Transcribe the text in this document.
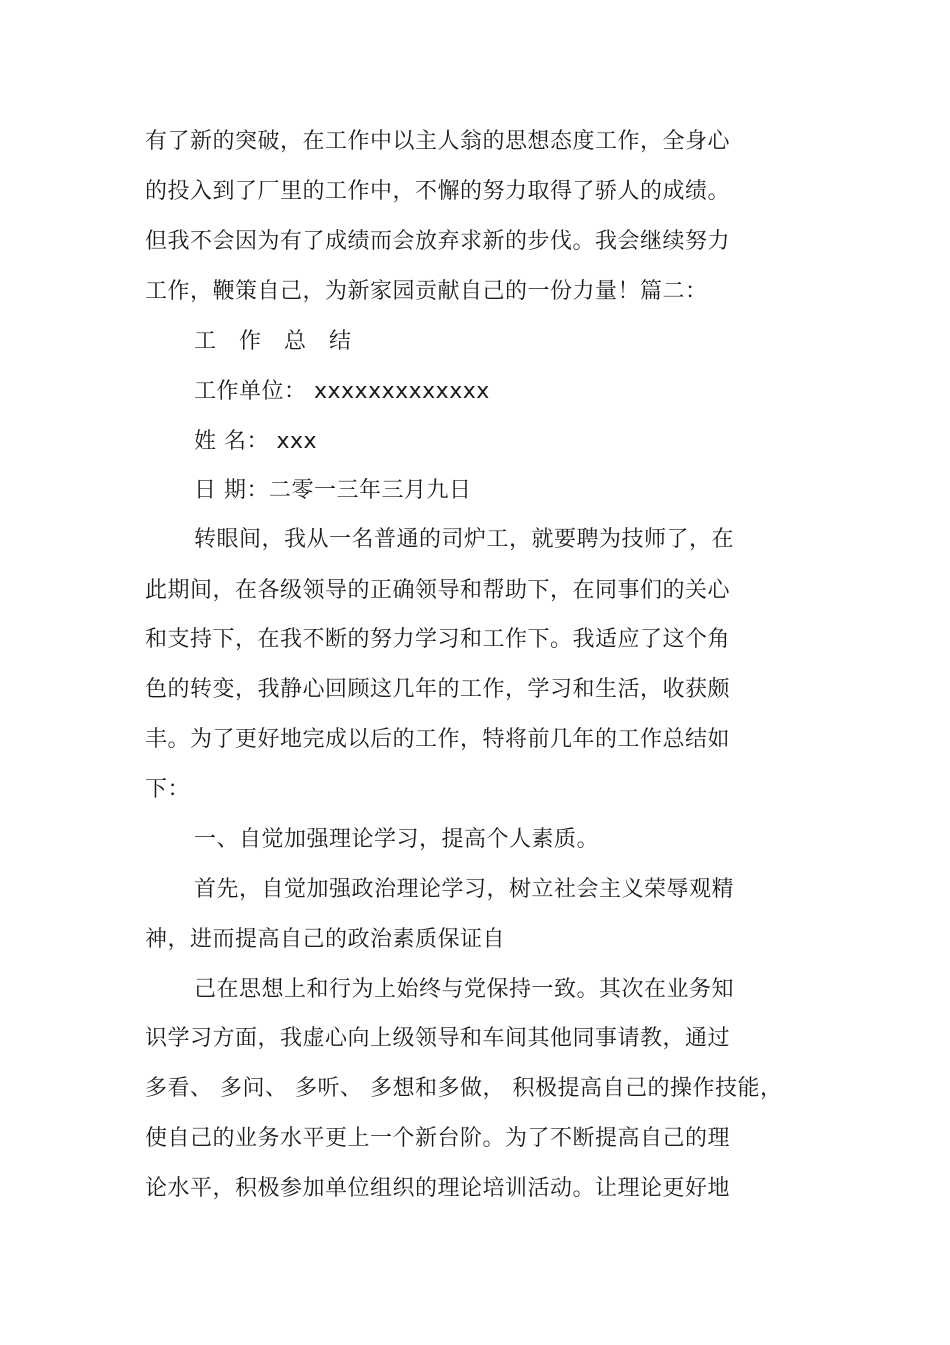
有了新的突破，在工作中以主人翁的思想态度工作，全身心
的投入到了厂里的工作中，不懈的努力取得了骄人的成绩。
但我不会因为有了成绩而会放弃求新的步伐。我会继续努力
工作，鞭策自己，为新家园贡献自己的一份力量！篇二：
工作总结
工作单位： xxxxxxxxxxxxx
姓 名： xxx
日 期：二零一三年三月九日
转眼间，我从一名普通的司炉工，就要聘为技师了，在
此期间，在各级领导的正确领导和帮助下，在同事们的关心
和支持下，在我不断的努力学习和工作下。我适应了这个角
色的转变，我静心回顾这几年的工作，学习和生活，收获颇
丰。为了更好地完成以后的工作，特将前几年的工作总结如
下：
一、自觉加强理论学习，提高个人素质。
首先，自觉加强政治理论学习，树立社会主义荣辱观精
神，进而提高自己的政治素质保证自
己在思想上和行为上始终与党保持一致。其次在业务知
识学习方面，我虚心向上级领导和车间其他同事请教，通过
多看、 多问、 多听、 多想和多做， 积极提高自己的操作技能，
使自己的业务水平更上一个新台阶。为了不断提高自己的理
论水平，积极参加单位组织的理论培训活动。让理论更好地
